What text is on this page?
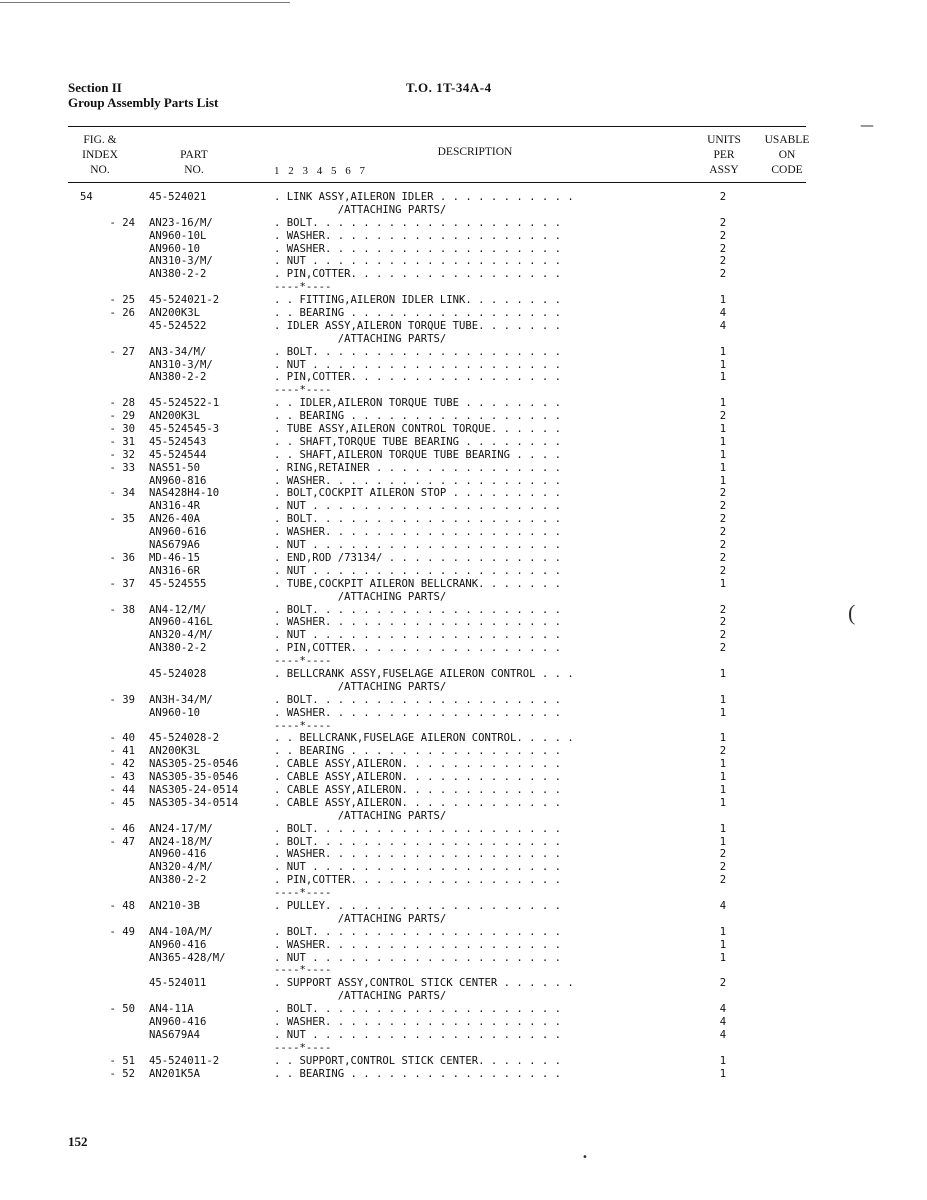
Section II
Group Assembly Parts List
T.O. 1T-34A-4
FIG. &
INDEX
NO.
PART
NO.
DESCRIPTION
1 2 3 4 5 6 7
UNITS
PER
ASSY
USABLE
ON
CODE
54	45-524021	. LINK ASSY,AILERON IDLER . . . . . . . . . . .	2
/ATTACHING PARTS/
- 24 AN23-16/M/	. BOLT. . . . . . . . . . . . . . . . . . . .	2
AN960-10L	. WASHER. . . . . . . . . . . . . . . . . . .	2
AN960-10	. WASHER. . . . . . . . . . . . . . . . . . .	2
AN310-3/M/	. NUT . . . . . . . . . . . . . . . . . . . .	2
AN380-2-2	. PIN,COTTER. . . . . . . . . . . . . . . . .	2
----*----
- 25 45-524021-2	. . FITTING,AILERON IDLER LINK. . . . . . . .	1
- 26 AN200K3L	. . BEARING . . . . . . . . . . . . . . . . .	4
45-524522	. IDLER ASSY,AILERON TORQUE TUBE. . . . . . .	4
/ATTACHING PARTS/
- 27 AN3-34/M/	. BOLT. . . . . . . . . . . . . . . . . . . .	1
AN310-3/M/	. NUT . . . . . . . . . . . . . . . . . . . .	1
AN380-2-2	. PIN,COTTER. . . . . . . . . . . . . . . . .	1
----*----
- 28 45-524522-1	. . IDLER,AILERON TORQUE TUBE . . . . . . . .	1
- 29 AN200K3L	. . BEARING . . . . . . . . . . . . . . . . .	2
- 30 45-524545-3	. TUBE ASSY,AILERON CONTROL TORQUE. . . . . .	1
- 31 45-524543	. . SHAFT,TORQUE TUBE BEARING . . . . . . . .	1
- 32 45-524544	. . SHAFT,AILERON TORQUE TUBE BEARING . . . .	1
- 33 NAS51-50	. RING,RETAINER . . . . . . . . . . . . . . .	1
AN960-816	. WASHER. . . . . . . . . . . . . . . . . . .	1
- 34 NAS428H4-10	. BOLT,COCKPIT AILERON STOP . . . . . . . . .	2
AN316-4R	. NUT . . . . . . . . . . . . . . . . . . . .	2
- 35 AN26-40A	. BOLT. . . . . . . . . . . . . . . . . . . .	2
AN960-616	. WASHER. . . . . . . . . . . . . . . . . . .	2
NAS679A6	. NUT . . . . . . . . . . . . . . . . . . . .	2
- 36 MD-46-15	. END,ROD /73134/ . . . . . . . . . . . . . .	2
AN316-6R	. NUT . . . . . . . . . . . . . . . . . . . .	2
- 37 45-524555	. TUBE,COCKPIT AILERON BELLCRANK. . . . . . .	1
/ATTACHING PARTS/
- 38 AN4-12/M/	. BOLT. . . . . . . . . . . . . . . . . . . .	2
AN960-416L	. WASHER. . . . . . . . . . . . . . . . . . .	2
AN320-4/M/	. NUT . . . . . . . . . . . . . . . . . . . .	2
AN380-2-2	. PIN,COTTER. . . . . . . . . . . . . . . . .	2
----*----
45-524028	. BELLCRANK ASSY,FUSELAGE AILERON CONTROL . . .	1
/ATTACHING PARTS/
- 39 AN3H-34/M/	. BOLT. . . . . . . . . . . . . . . . . . . .	1
AN960-10	. WASHER. . . . . . . . . . . . . . . . . . .	1
----*----
- 40 45-524028-2	. . BELLCRANK,FUSELAGE AILERON CONTROL. . . . .	1
- 41 AN200K3L	. . BEARING . . . . . . . . . . . . . . . . .	2
- 42 NAS305-25-0546	. CABLE ASSY,AILERON. . . . . . . . . . . . .	1
- 43 NAS305-35-0546	. CABLE ASSY,AILERON. . . . . . . . . . . . .	1
- 44 NAS305-24-0514	. CABLE ASSY,AILERON. . . . . . . . . . . . .	1
- 45 NAS305-34-0514	. CABLE ASSY,AILERON. . . . . . . . . . . . .	1
/ATTACHING PARTS/
- 46 AN24-17/M/	. BOLT. . . . . . . . . . . . . . . . . . . .	1
- 47 AN24-18/M/	. BOLT. . . . . . . . . . . . . . . . . . . .	1
AN960-416	. WASHER. . . . . . . . . . . . . . . . . . .	2
AN320-4/M/	. NUT . . . . . . . . . . . . . . . . . . . .	2
AN380-2-2	. PIN,COTTER. . . . . . . . . . . . . . . . .	2
----*----
- 48 AN210-3B	. PULLEY. . . . . . . . . . . . . . . . . . .	4
/ATTACHING PARTS/
- 49 AN4-10A/M/	. BOLT. . . . . . . . . . . . . . . . . . . .	1
AN960-416	. WASHER. . . . . . . . . . . . . . . . . . .	1
AN365-428/M/	. NUT . . . . . . . . . . . . . . . . . . . .	1
----*----
45-524011	. SUPPORT ASSY,CONTROL STICK CENTER . . . . . .	2
/ATTACHING PARTS/
- 50 AN4-11A	. BOLT. . . . . . . . . . . . . . . . . . . .	4
AN960-416	. WASHER. . . . . . . . . . . . . . . . . . .	4
NAS679A4	. NUT . . . . . . . . . . . . . . . . . . . .	4
----*----
- 51 45-524011-2	. . SUPPORT,CONTROL STICK CENTER. . . . . . .	1
- 52 AN201K5A	. . BEARING . . . . . . . . . . . . . . . . .	1
152
•
—
(
